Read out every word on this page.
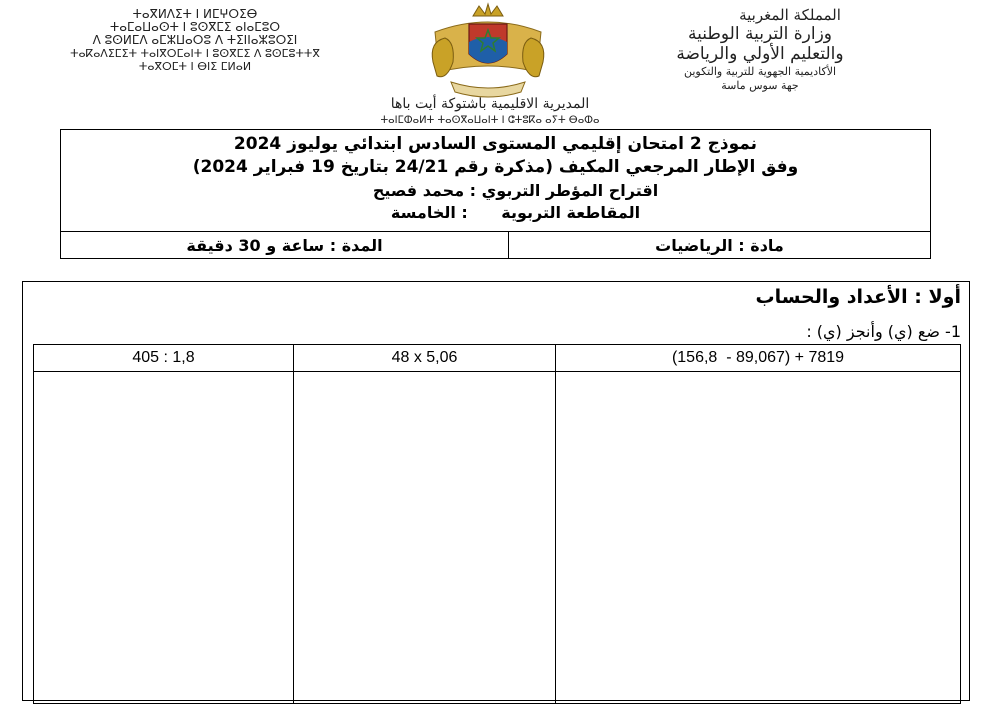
ⵜⴰⴳⵍⴷⵉⵜ ⵏ ⵍⵎⵖⵔⵉⴱ
ⵜⴰⵎⴰⵡⴰⵙⵜ ⵏ ⵓⵙⴳⵎⵉ ⴰⵏⴰⵎⵓⵔ
ⴷ ⵓⵙⵍⵎⴷ ⴰⵎⵣⵡⴰⵔⵓ ⴷ ⵜⵉⵏⵏⴰⵣⵓⵔⵉⵏ
ⵜⴰⴽⴰⴷⵉⵎⵉⵜ ⵜⴰⵏⴳⵔⵎⴰⵏⵜ ⵏ ⵓⵙⴳⵎⵉ ⴷ ⵓⵙⵎⵓⵜⵜⴳ
ⵜⴰⴳⵔⵎⵜ ⵏ ⴱⵏⵉ ⵎⵍⴰⵍ
المملكة المغربية
وزارة التربية الوطنية
والتعليم الأولي والرياضة
الأكاديمية الجهوية للتربية والتكوين
جهة سوس ماسة
المديرية الاقليمية باشتوكة أيت باها
ⵜⴰⵏⵎⵀⴰⵍⵜ ⵜⴰⵙⴳⴰⵡⴰⵏⵜ ⵏ ⵛⵜⵓⴽⴰ ⴰⵢⵜ ⴱⴰⵀⴰ
نموذج 2 امتحان إقليمي المستوى السادس ابتدائي يوليوز 2024
وفق الإطار المرجعي المكيف (مذكرة رقم 24/21 بتاريخ 19 فبراير 2024)
اقتراح المؤطر التربوي : محمد فصيح
المقاطعة التربوية      : الخامسة
مادة : الرياضيات
المدة : ساعة و 30 دقيقة
أولا : الأعداد والحساب
1- ضع (ي) وأنجز (ي) :
405 : 1,8	48 x 5,06	(156,8  - 89,067) + 7819
